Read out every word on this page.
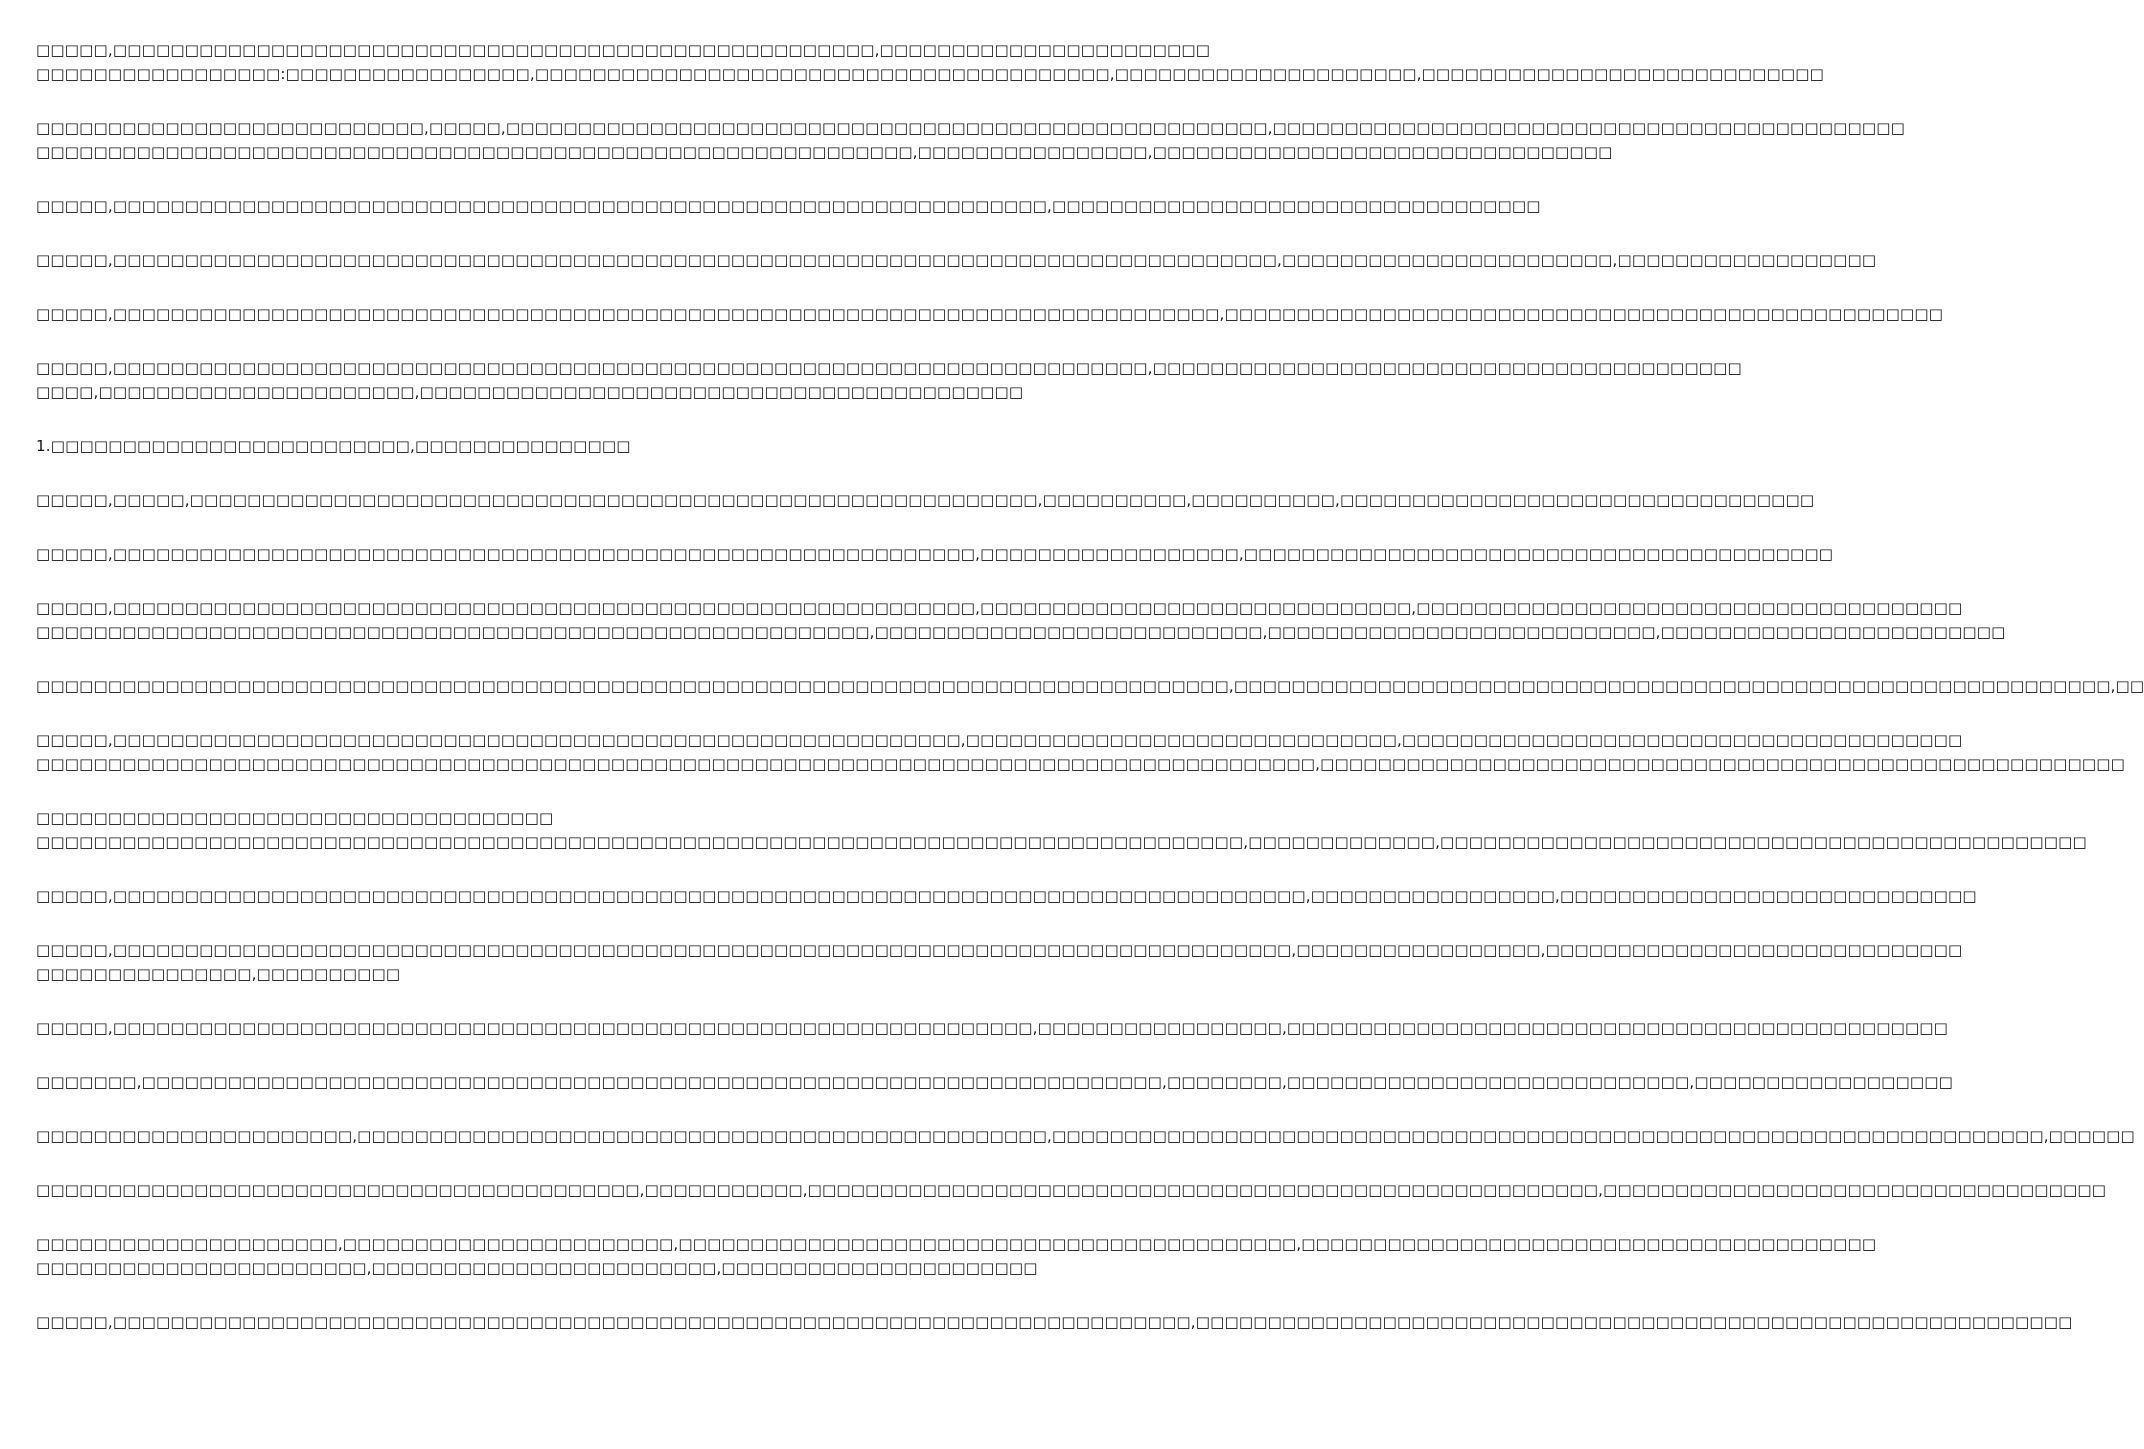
□□□□□,□□□□□□□□□□□□□□□□□□□□□□□□□□□□□□□□□□□□□□□□□□□□□□□□□□□□□,□□□□□□□□□□□□□□□□□□□□□□□
□□□□□□□□□□□□□□□□□:□□□□□□□□□□□□□□□□□,□□□□□□□□□□□□□□□□□□□□□□□□□□□□□□□□□□□□□□□□,□□□□□□□□□□□□□□□□□□□□□,□□□□□□□□□□□□□□□□□□□□□□□□□□□□
□□□□□□□□□□□□□□□□□□□□□□□□□□□,□□□□□,□□□□□□□□□□□□□□□□□□□□□□□□□□□□□□□□□□□□□□□□□□□□□□□□□□□□□,□□□□□□□□□□□□□□□□□□□□□□□□□□□□□□□□□□□□□□□□□□□□
□□□□□□□□□□□□□□□□□□□□□□□□□□□□□□□□□□□□□□□□□□□□□□□□□□□□□□□□□□□□□,□□□□□□□□□□□□□□□□,□□□□□□□□□□□□□□□□□□□□□□□□□□□□□□□□
□□□□□,□□□□□□□□□□□□□□□□□□□□□□□□□□□□□□□□□□□□□□□□□□□□□□□□□□□□□□□□□□□□□□□□□,□□□□□□□□□□□□□□□□□□□□□□□□□□□□□□□□□□
□□□□□,□□□□□□□□□□□□□□□□□□□□□□□□□□□□□□□□□□□□□□□□□□□□□□□□□□□□□□□□□□□□□□□□□□□□□□□□□□□□□□□□□,□□□□□□□□□□□□□□□□□□□□□□□,□□□□□□□□□□□□□□□□□□
□□□□□,□□□□□□□□□□□□□□□□□□□□□□□□□□□□□□□□□□□□□□□□□□□□□□□□□□□□□□□□□□□□□□□□□□□□□□□□□□□□□,□□□□□□□□□□□□□□□□□□□□□□□□□□□□□□□□□□□□□□□□□□□□□□□□□□
□□□□□,□□□□□□□□□□□□□□□□□□□□□□□□□□□□□□□□□□□□□□□□□□□□□□□□□□□□□□□□□□□□□□□□□□□□□□□□,□□□□□□□□□□□□□□□□□□□□□□□□□□□□□□□□□□□□□□□□□
□□□□,□□□□□□□□□□□□□□□□□□□□□□,□□□□□□□□□□□□□□□□□□□□□□□□□□□□□□□□□□□□□□□□□□
1.□□□□□□□□□□□□□□□□□□□□□□□□□,□□□□□□□□□□□□□□□
□□□□□,□□□□□,□□□□□□□□□□□□□□□□□□□□□□□□□□□□□□□□□□□□□□□□□□□□□□□□□□□□□□□□□□□,□□□□□□□□□□,□□□□□□□□□□,□□□□□□□□□□□□□□□□□□□□□□□□□□□□□□□□□
□□□□□,□□□□□□□□□□□□□□□□□□□□□□□□□□□□□□□□□□□□□□□□□□□□□□□□□□□□□□□□□□□□,□□□□□□□□□□□□□□□□□□,□□□□□□□□□□□□□□□□□□□□□□□□□□□□□□□□□□□□□□□□□
□□□□□,□□□□□□□□□□□□□□□□□□□□□□□□□□□□□□□□□□□□□□□□□□□□□□□□□□□□□□□□□□□□,□□□□□□□□□□□□□□□□□□□□□□□□□□□□□□,□□□□□□□□□□□□□□□□□□□□□□□□□□□□□□□□□□□□□□
□□□□□□□□□□□□□□□□□□□□□□□□□□□□□□□□□□□□□□□□□□□□□□□□□□□□□□□□□□,□□□□□□□□□□□□□□□□□□□□□□□□□□□,□□□□□□□□□□□□□□□□□□□□□□□□□□□,□□□□□□□□□□□□□□□□□□□□□□□□
□□□□□□□□□□□□□□□□□□□□□□□□□□□□□□□□□□□□□□□□□□□□□□□□□□□□□□□□□□□□□□□□□□□□□□□□□□□□□□□□□□□,□□□□□□□□□□□□□□□□□□□□□□□□□□□□□□□□□□□□□□□□□□□□□□□□□□□□□□□□□□□□□,□□
□□□□□,□□□□□□□□□□□□□□□□□□□□□□□□□□□□□□□□□□□□□□□□□□□□□□□□□□□□□□□□□□□,□□□□□□□□□□□□□□□□□□□□□□□□□□□□□□,□□□□□□□□□□□□□□□□□□□□□□□□□□□□□□□□□□□□□□□
□□□□□□□□□□□□□□□□□□□□□□□□□□□□□□□□□□□□□□□□□□□□□□□□□□□□□□□□□□□□□□□□□□□□□□□□□□□□□□□□□□□□□□□□□,□□□□□□□□□□□□□□□□□□□□□□□□□□□□□□□□□□□□□□□□□□□□□□□□□□□□□□□□
□□□□□□□□□□□□□□□□□□□□□□□□□□□□□□□□□□□□
□□□□□□□□□□□□□□□□□□□□□□□□□□□□□□□□□□□□□□□□□□□□□□□□□□□□□□□□□□□□□□□□□□□□□□□□□□□□□□□□□□□□,□□□□□□□□□□□□□,□□□□□□□□□□□□□□□□□□□□□□□□□□□□□□□□□□□□□□□□□□□□□
□□□□□,□□□□□□□□□□□□□□□□□□□□□□□□□□□□□□□□□□□□□□□□□□□□□□□□□□□□□□□□□□□□□□□□□□□□□□□□□□□□□□□□□□□,□□□□□□□□□□□□□□□□□,□□□□□□□□□□□□□□□□□□□□□□□□□□□□□
□□□□□,□□□□□□□□□□□□□□□□□□□□□□□□□□□□□□□□□□□□□□□□□□□□□□□□□□□□□□□□□□□□□□□□□□□□□□□□□□□□□□□□□□,□□□□□□□□□□□□□□□□□,□□□□□□□□□□□□□□□□□□□□□□□□□□□□□
□□□□□□□□□□□□□□□,□□□□□□□□□□
□□□□□,□□□□□□□□□□□□□□□□□□□□□□□□□□□□□□□□□□□□□□□□□□□□□□□□□□□□□□□□□□□□□□□□,□□□□□□□□□□□□□□□□□,□□□□□□□□□□□□□□□□□□□□□□□□□□□□□□□□□□□□□□□□□□□□□□
□□□□□□□,□□□□□□□□□□□□□□□□□□□□□□□□□□□□□□□□□□□□□□□□□□□□□□□□□□□□□□□□□□□□□□□□□□□□□□□,□□□□□□□□,□□□□□□□□□□□□□□□□□□□□□□□□□□□□,□□□□□□□□□□□□□□□□□□
□□□□□□□□□□□□□□□□□□□□□□,□□□□□□□□□□□□□□□□□□□□□□□□□□□□□□□□□□□□□□□□□□□□□□□□,□□□□□□□□□□□□□□□□□□□□□□□□□□□□□□□□□□□□□□□□□□□□□□□□□□□□□□□□□□□□□□□□□□□□□,□□□□□□
□□□□□□□□□□□□□□□□□□□□□□□□□□□□□□□□□□□□□□□□□□,□□□□□□□□□□□,□□□□□□□□□□□□□□□□□□□□□□□□□□□□□□□□□□□□□□□□□□□□□□□□□□□□□□□,□□□□□□□□□□□□□□□□□□□□□□□□□□□□□□□□□□□
□□□□□□□□□□□□□□□□□□□□□,□□□□□□□□□□□□□□□□□□□□□□□,□□□□□□□□□□□□□□□□□□□□□□□□□□□□□□□□□□□□□□□□□□□,□□□□□□□□□□□□□□□□□□□□□□□□□□□□□□□□□□□□□□□□
□□□□□□□□□□□□□□□□□□□□□□□,□□□□□□□□□□□□□□□□□□□□□□□□,□□□□□□□□□□□□□□□□□□□□□□
□□□□□,□□□□□□□□□□□□□□□□□□□□□□□□□□□□□□□□□□□□□□□□□□□□□□□□□□□□□□□□□□□□□□□□□□□□□□□□□□□,□□□□□□□□□□□□□□□□□□□□□□□□□□□□□□□□□□□□□□□□□□□□□□□□□□□□□□□□□□□□□
